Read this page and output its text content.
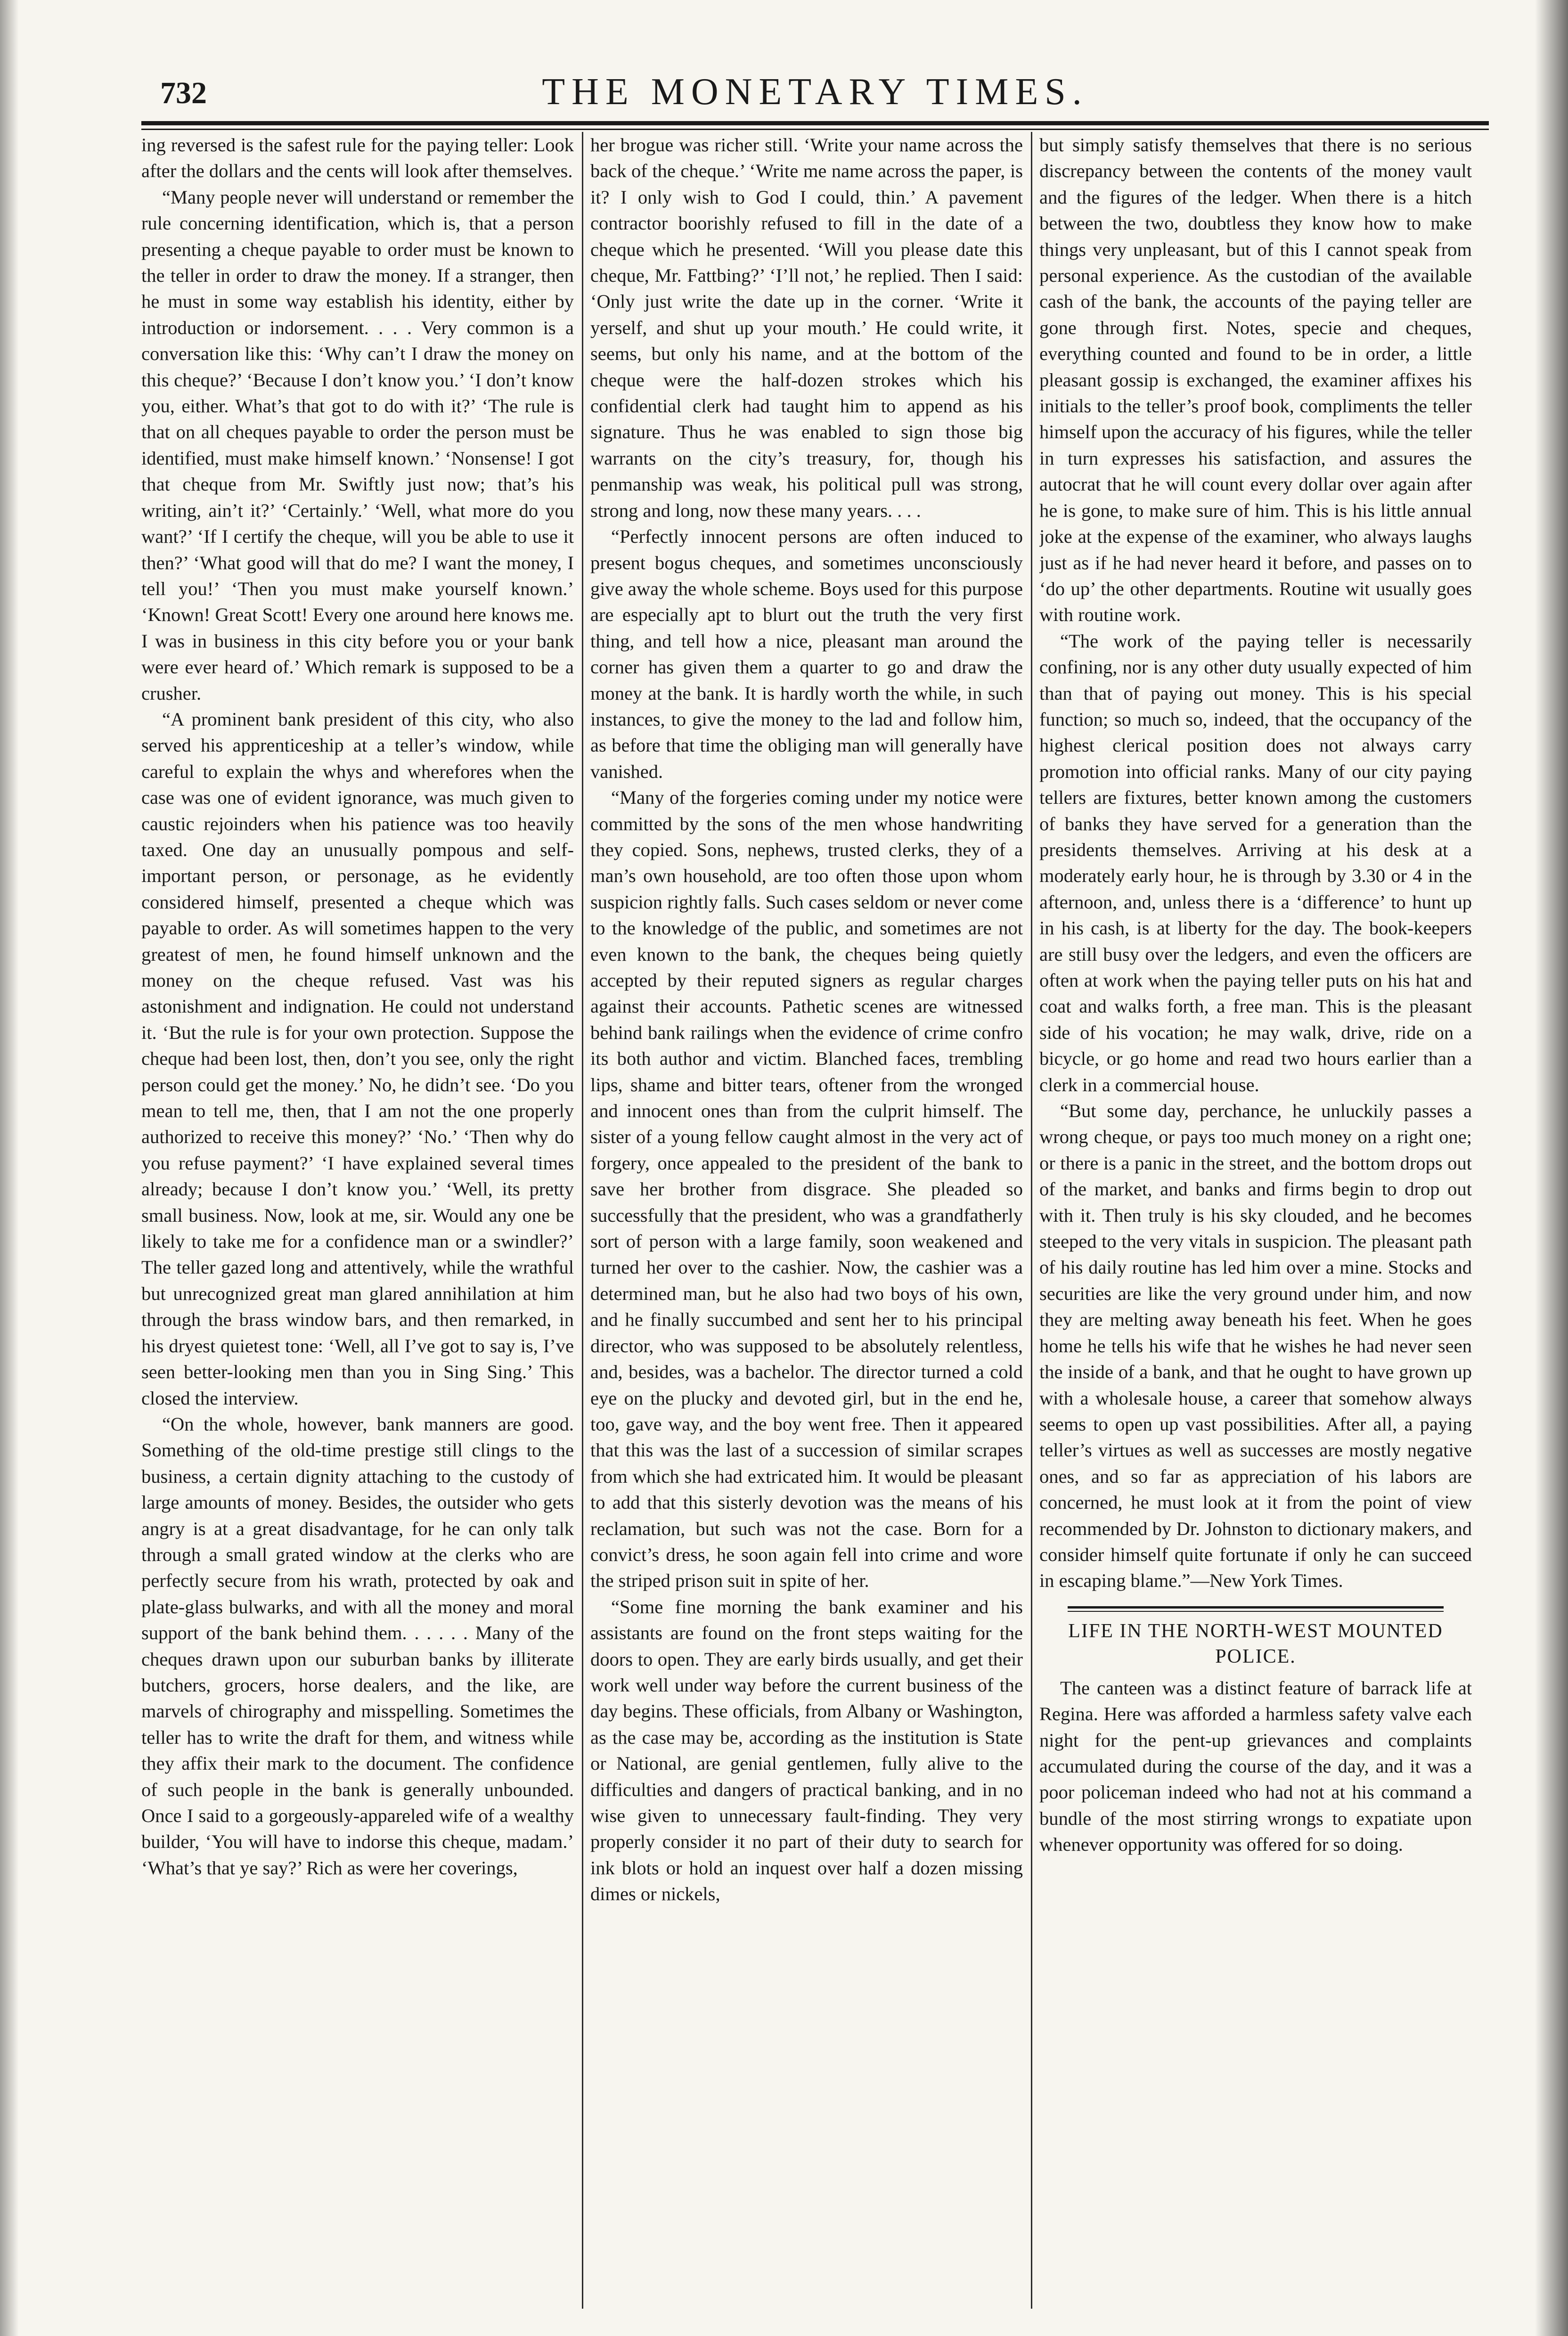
732	THE MONETARY TIMES.

ing reversed is the safest rule for the paying teller: Look after the dollars and the cents will look after themselves.

“Many people never will understand or remember the rule concerning identification, which is, that a person presenting a cheque payable to order must be known to the teller in order to draw the money. If a stranger, then he must in some way establish his identity, either by introduction or indorsement. . . . Very common is a conversation like this: ‘Why can’t I draw the money on this cheque?’ ‘Because I don’t know you.’ ‘I don’t know you, either. What’s that got to do with it?’ ‘The rule is that on all cheques payable to order the person must be identified, must make himself known.’ ‘Nonsense! I got that cheque from Mr. Swiftly just now; that’s his writing, ain’t it?’ ‘Certainly.’ ‘Well, what more do you want?’ ‘If I certify the cheque, will you be able to use it then?’ ‘What good will that do me? I want the money, I tell you!’ ‘Then you must make yourself known.’ ‘Known! Great Scott! Every one around here knows me. I was in business in this city before you or your bank were ever heard of.’ Which remark is supposed to be a crusher.

“A prominent bank president of this city, who also served his apprenticeship at a teller’s window, while careful to explain the whys and wherefores when the case was one of evident ignorance, was much given to caustic rejoinders when his patience was too heavily taxed. One day an unusually pompous and self-important person, or personage, as he evidently considered himself, presented a cheque which was payable to order. As will sometimes happen to the very greatest of men, he found himself unknown and the money on the cheque refused. Vast was his astonishment and indignation. He could not understand it. ‘But the rule is for your own protection. Suppose the cheque had been lost, then, don’t you see, only the right person could get the money.’ No, he didn’t see. ‘Do you mean to tell me, then, that I am not the one properly authorized to receive this money?’ ‘No.’ ‘Then why do you refuse payment?’ ‘I have explained several times already; because I don’t know you.’ ‘Well, its pretty small business. Now, look at me, sir. Would any one be likely to take me for a confidence man or a swindler?’ The teller gazed long and attentively, while the wrathful but unrecognized great man glared annihilation at him through the brass window bars, and then remarked, in his dryest quietest tone: ‘Well, all I’ve got to say is, I’ve seen better-looking men than you in Sing Sing.’ This closed the interview.

“On the whole, however, bank manners are good. Something of the old-time prestige still clings to the business, a certain dignity attaching to the custody of large amounts of money. Besides, the outsider who gets angry is at a great disadvantage, for he can only talk through a small grated window at the clerks who are perfectly secure from his wrath, protected by oak and plate-glass bulwarks, and with all the money and moral support of the bank behind them. . . . . . Many of the cheques drawn upon our suburban banks by illiterate butchers, grocers, horse dealers, and the like, are marvels of chirography and misspelling. Sometimes the teller has to write the draft for them, and witness while they affix their mark to the document. The confidence of such people in the bank is generally unbounded. Once I said to a gorgeously-appareled wife of a wealthy builder, ‘You will have to indorse this cheque, madam.’ ‘What’s that ye say?’ Rich as were her coverings,

her brogue was richer still. ‘Write your name across the back of the cheque.’ ‘Write me name across the paper, is it? I only wish to God I could, thin.’ A pavement contractor boorishly refused to fill in the date of a cheque which he presented. ‘Will you please date this cheque, Mr. Fattbing?’ ‘I’ll not,’ he replied. Then I said: ‘Only just write the date up in the corner. ‘Write it yerself, and shut up your mouth.’ He could write, it seems, but only his name, and at the bottom of the cheque were the half-dozen strokes which his confidential clerk had taught him to append as his signature. Thus he was enabled to sign those big warrants on the city’s treasury, for, though his penmanship was weak, his political pull was strong, strong and long, now these many years. . . .

“Perfectly innocent persons are often induced to present bogus cheques, and sometimes unconsciously give away the whole scheme. Boys used for this purpose are especially apt to blurt out the truth the very first thing, and tell how a nice, pleasant man around the corner has given them a quarter to go and draw the money at the bank. It is hardly worth the while, in such instances, to give the money to the lad and follow him, as before that time the obliging man will generally have vanished.

“Many of the forgeries coming under my notice were committed by the sons of the men whose handwriting they copied. Sons, nephews, trusted clerks, they of a man’s own household, are too often those upon whom suspicion rightly falls. Such cases seldom or never come to the knowledge of the public, and sometimes are not even known to the bank, the cheques being quietly accepted by their reputed signers as regular charges against their accounts. Pathetic scenes are witnessed behind bank railings when the evidence of crime confro its both author and victim. Blanched faces, trembling lips, shame and bitter tears, oftener from the wronged and innocent ones than from the culprit himself. The sister of a young fellow caught almost in the very act of forgery, once appealed to the president of the bank to save her brother from disgrace. She pleaded so successfully that the president, who was a grandfatherly sort of person with a large family, soon weakened and turned her over to the cashier. Now, the cashier was a determined man, but he also had two boys of his own, and he finally succumbed and sent her to his principal director, who was supposed to be absolutely relentless, and, besides, was a bachelor. The director turned a cold eye on the plucky and devoted girl, but in the end he, too, gave way, and the boy went free. Then it appeared that this was the last of a succession of similar scrapes from which she had extricated him. It would be pleasant to add that this sisterly devotion was the means of his reclamation, but such was not the case. Born for a convict’s dress, he soon again fell into crime and wore the striped prison suit in spite of her.

“Some fine morning the bank examiner and his assistants are found on the front steps waiting for the doors to open. They are early birds usually, and get their work well under way before the current business of the day begins. These officials, from Albany or Washington, as the case may be, according as the institution is State or National, are genial gentlemen, fully alive to the difficulties and dangers of practical banking, and in no wise given to unnecessary fault-finding. They very properly consider it no part of their duty to search for ink blots or hold an inquest over half a dozen missing dimes or nickels,

but simply satisfy themselves that there is no serious discrepancy between the contents of the money vault and the figures of the ledger. When there is a hitch between the two, doubtless they know how to make things very unpleasant, but of this I cannot speak from personal experience. As the custodian of the available cash of the bank, the accounts of the paying teller are gone through first. Notes, specie and cheques, everything counted and found to be in order, a little pleasant gossip is exchanged, the examiner affixes his initials to the teller’s proof book, compliments the teller himself upon the accuracy of his figures, while the teller in turn expresses his satisfaction, and assures the autocrat that he will count every dollar over again after he is gone, to make sure of him. This is his little annual joke at the expense of the examiner, who always laughs just as if he had never heard it before, and passes on to ‘do up’ the other departments. Routine wit usually goes with routine work.

“The work of the paying teller is necessarily confining, nor is any other duty usually expected of him than that of paying out money. This is his special function; so much so, indeed, that the occupancy of the highest clerical position does not always carry promotion into official ranks. Many of our city paying tellers are fixtures, better known among the customers of banks they have served for a generation than the presidents themselves. Arriving at his desk at a moderately early hour, he is through by 3.30 or 4 in the afternoon, and, unless there is a ‘difference’ to hunt up in his cash, is at liberty for the day. The book-keepers are still busy over the ledgers, and even the officers are often at work when the paying teller puts on his hat and coat and walks forth, a free man. This is the pleasant side of his vocation; he may walk, drive, ride on a bicycle, or go home and read two hours earlier than a clerk in a commercial house.

“But some day, perchance, he unluckily passes a wrong cheque, or pays too much money on a right one; or there is a panic in the street, and the bottom drops out of the market, and banks and firms begin to drop out with it. Then truly is his sky clouded, and he becomes steeped to the very vitals in suspicion. The pleasant path of his daily routine has led him over a mine. Stocks and securities are like the very ground under him, and now they are melting away beneath his feet. When he goes home he tells his wife that he wishes he had never seen the inside of a bank, and that he ought to have grown up with a wholesale house, a career that somehow always seems to open up vast possibilities. After all, a paying teller’s virtues as well as successes are mostly negative ones, and so far as appreciation of his labors are concerned, he must look at it from the point of view recommended by Dr. Johnston to dictionary makers, and consider himself quite fortunate if only he can succeed in escaping blame.”—New York Times.

LIFE IN THE NORTH-WEST MOUNTED POLICE.

The canteen was a distinct feature of barrack life at Regina. Here was afforded a harmless safety valve each night for the pent-up grievances and complaints accumulated during the course of the day, and it was a poor policeman indeed who had not at his command a bundle of the most stirring wrongs to expatiate upon whenever opportunity was offered for so doing.
